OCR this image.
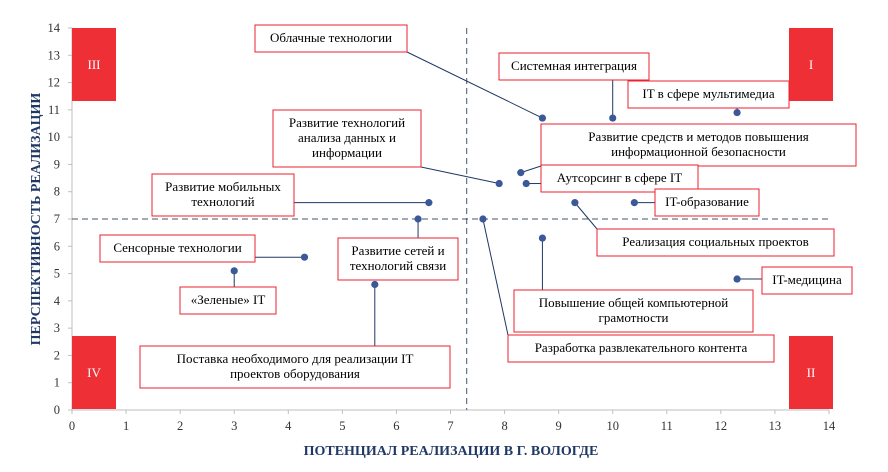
0	1	2	3	4	5	6	7	8	9	10	11	12	13	14
0
1
2
3
4
5
6
7
8
9
10
11
12
13
14
I
II
III
IV
Облачные технологии
Системная интеграция
IT в сфере мультимедиа
Развитие технологий
анализа данных и
информации
Развитие средств и методов повышения
информационной безопасности
Аутсорсинг в сфере IT
Развитие мобильных
технологий	IT-образование
Реализация социальных проектов
Сенсорные технологии	Развитие сетей и
технологий связи
«Зеленые» IT
IT-медицина
Повышение общей компьютерной
грамотности
Разработка развлекательного контента
Поставка необходимого для реализации IT
проектов оборудования
ПОТЕНЦИАЛ РЕАЛИЗАЦИИ В Г. ВОЛОГДЕ
ПЕРСПЕКТИВНОСТЬ РЕАЛИЗАЦИИ
